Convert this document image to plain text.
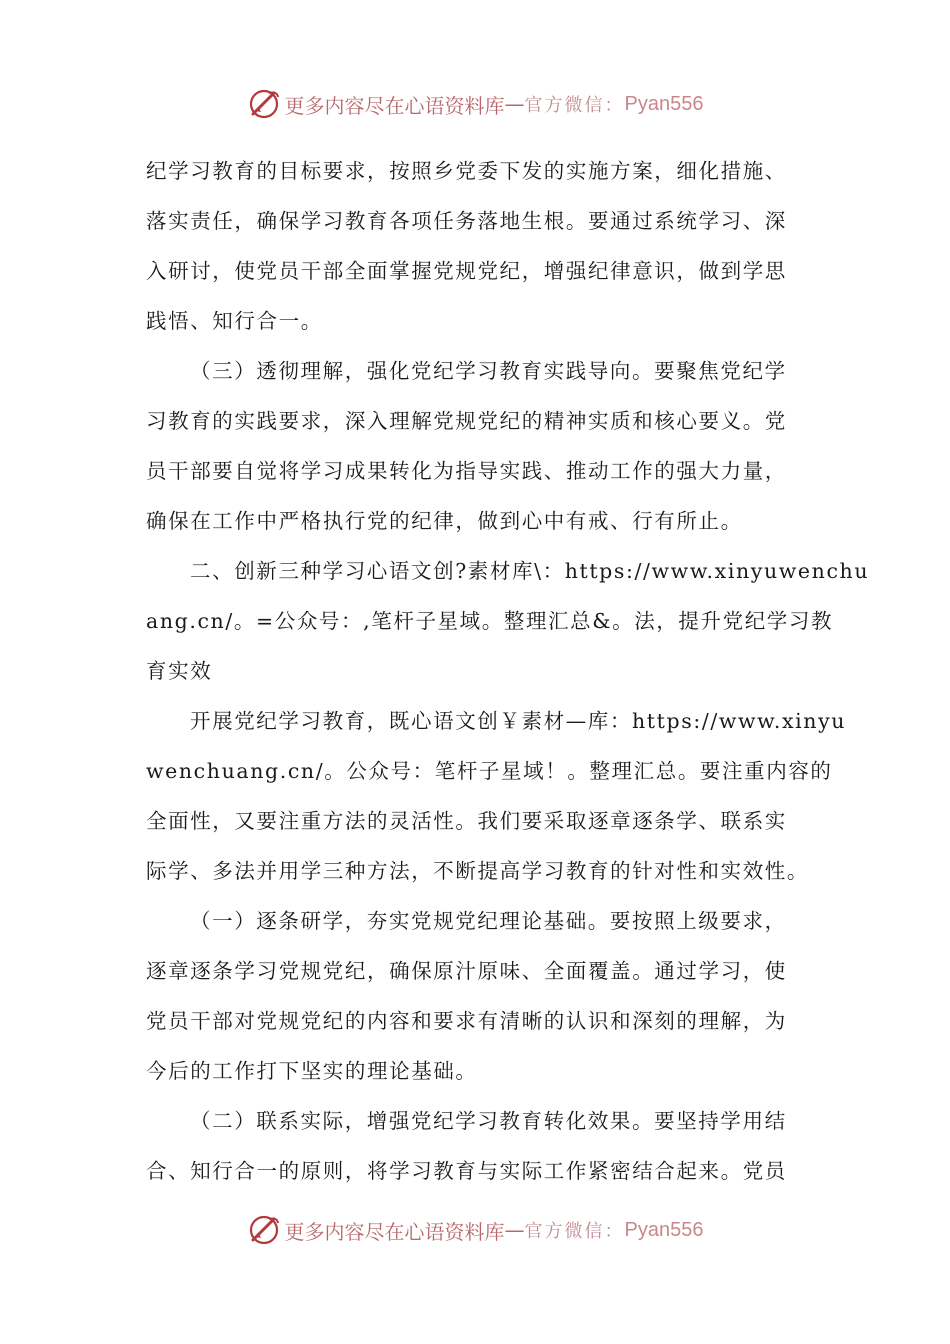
更多内容尽在心语资料库 — 官方微信： Pyan556
纪学习教育的目标要求，按照乡党委下发的实施方案，细化措施、
落实责任，确保学习教育各项任务落地生根。要通过系统学习、深
入研讨，使党员干部全面掌握党规党纪，增强纪律意识，做到学思
践悟、知行合一。
（三）透彻理解，强化党纪学习教育实践导向。要聚焦党纪学
习教育的实践要求，深入理解党规党纪的精神实质和核心要义。党
员干部要自觉将学习成果转化为指导实践、推动工作的强大力量，
确保在工作中严格执行党的纪律，做到心中有戒、行有所止。
二、创新三种学习心语文创?素材库\：https://www.xinyuwenchu
ang.cn/。=公众号：,笔杆子星域。整理汇总&。法，提升党纪学习教
育实效
开展党纪学习教育，既心语文创￥素材—库：https://www.xinyu
wenchuang.cn/。公众号：笔杆子星域！。整理汇总。要注重内容的
全面性，又要注重方法的灵活性。我们要采取逐章逐条学、联系实
际学、多法并用学三种方法，不断提高学习教育的针对性和实效性。
（一）逐条研学，夯实党规党纪理论基础。要按照上级要求，
逐章逐条学习党规党纪，确保原汁原味、全面覆盖。通过学习，使
党员干部对党规党纪的内容和要求有清晰的认识和深刻的理解，为
今后的工作打下坚实的理论基础。
（二）联系实际，增强党纪学习教育转化效果。要坚持学用结
合、知行合一的原则，将学习教育与实际工作紧密结合起来。党员
更多内容尽在心语资料库 — 官方微信： Pyan556
